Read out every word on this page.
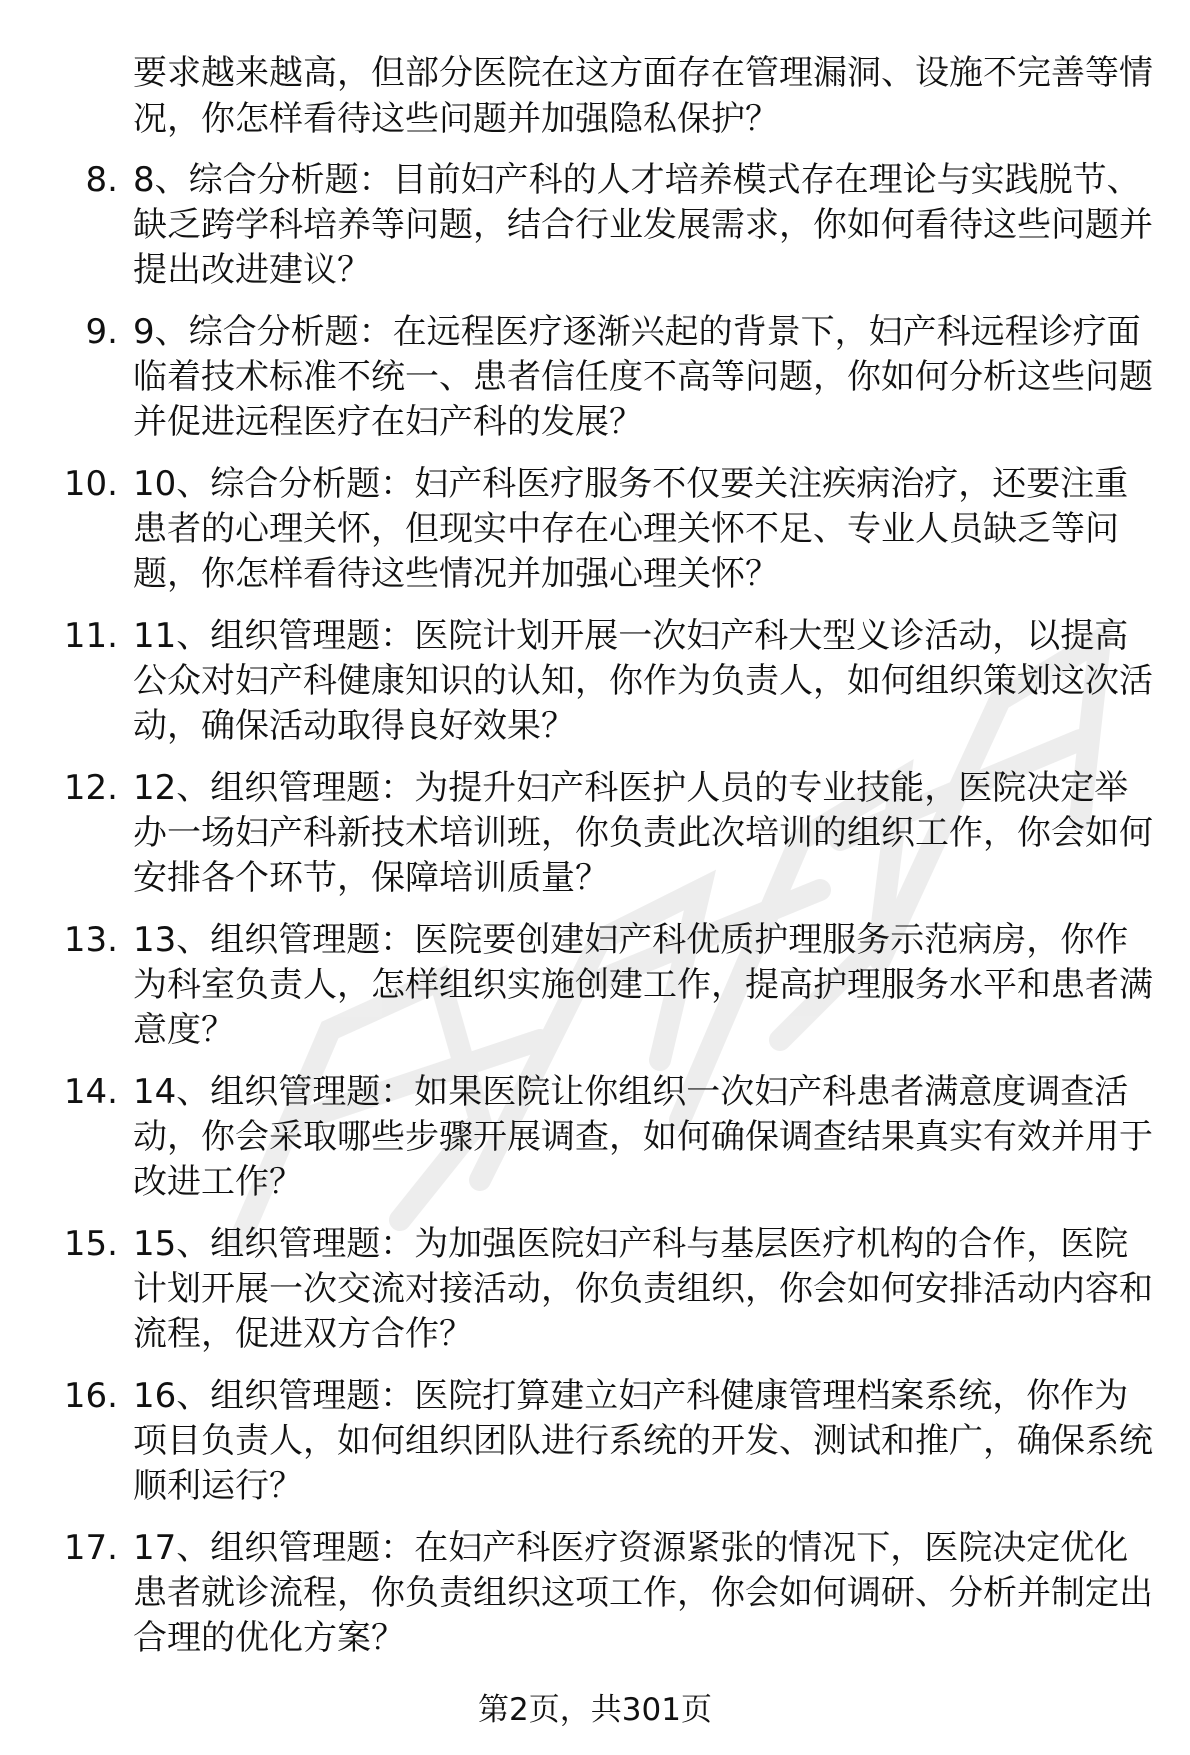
要求越来越高，但部分医院在这方面存在管理漏洞、设施不完善等情况，你怎样看待这些问题并加强隐私保护？
8. 8、综合分析题：目前妇产科的人才培养模式存在理论与实践脱节、缺乏跨学科培养等问题，结合行业发展需求，你如何看待这些问题并提出改进建议？
9. 9、综合分析题：在远程医疗逐渐兴起的背景下，妇产科远程诊疗面临着技术标准不统一、患者信任度不高等问题，你如何分析这些问题并促进远程医疗在妇产科的发展？
10. 10、综合分析题：妇产科医疗服务不仅要关注疾病治疗，还要注重患者的心理关怀，但现实中存在心理关怀不足、专业人员缺乏等问题，你怎样看待这些情况并加强心理关怀？
11. 11、组织管理题：医院计划开展一次妇产科大型义诊活动，以提高公众对妇产科健康知识的认知，你作为负责人，如何组织策划这次活动，确保活动取得良好效果？
12. 12、组织管理题：为提升妇产科医护人员的专业技能，医院决定举办一场妇产科新技术培训班，你负责此次培训的组织工作，你会如何安排各个环节，保障培训质量？
13. 13、组织管理题：医院要创建妇产科优质护理服务示范病房，你作为科室负责人，怎样组织实施创建工作，提高护理服务水平和患者满意度？
14. 14、组织管理题：如果医院让你组织一次妇产科患者满意度调查活动，你会采取哪些步骤开展调查，如何确保调查结果真实有效并用于改进工作？
15. 15、组织管理题：为加强医院妇产科与基层医疗机构的合作，医院计划开展一次交流对接活动，你负责组织，你会如何安排活动内容和流程，促进双方合作？
16. 16、组织管理题：医院打算建立妇产科健康管理档案系统，你作为项目负责人，如何组织团队进行系统的开发、测试和推广，确保系统顺利运行？
17. 17、组织管理题：在妇产科医疗资源紧张的情况下，医院决定优化患者就诊流程，你负责组织这项工作，你会如何调研、分析并制定出合理的优化方案？
第2页，共301页
